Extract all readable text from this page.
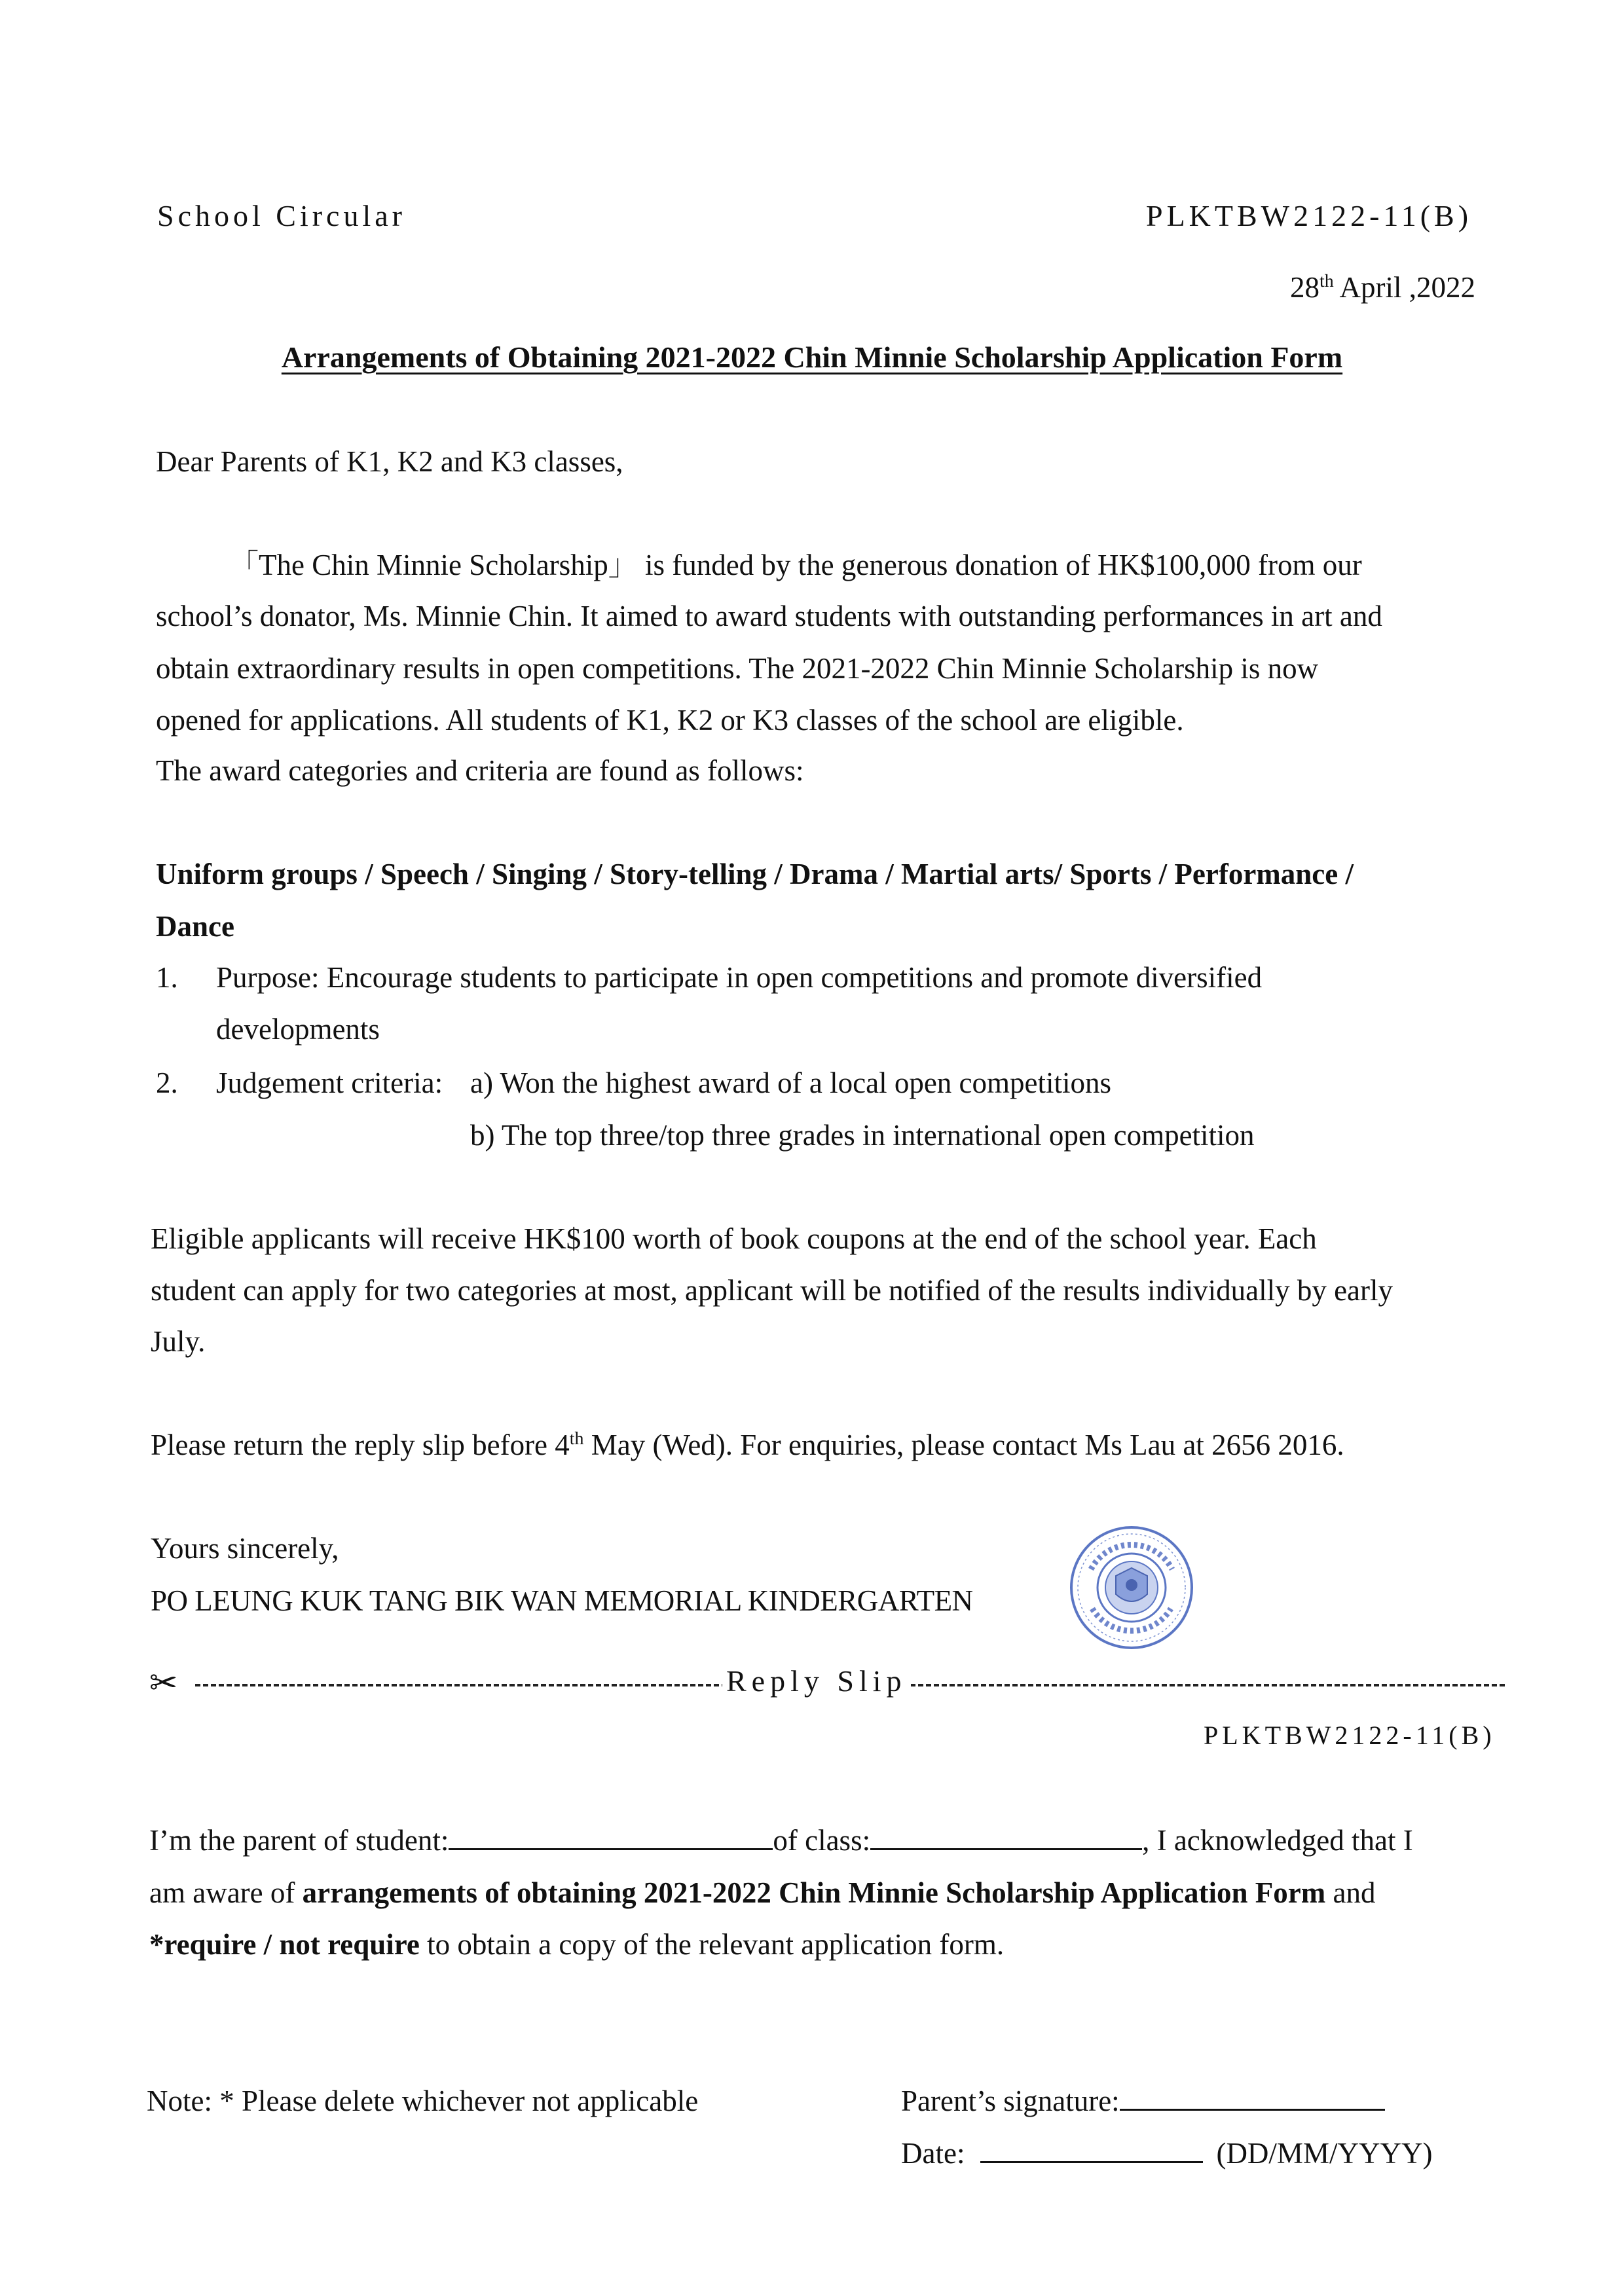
School Circular	PLKTBW2122-11(B)
28th April ,2022
Arrangements of Obtaining 2021-2022 Chin Minnie Scholarship Application Form
Dear Parents of K1, K2 and K3 classes,
「The Chin Minnie Scholarship」 is funded by the generous donation of HK$100,000 from our
school’s donator, Ms. Minnie Chin. It aimed to award students with outstanding performances in art and
obtain extraordinary results in open competitions. The 2021-2022 Chin Minnie Scholarship is now
opened for applications. All students of K1, K2 or K3 classes of the school are eligible.
The award categories and criteria are found as follows:
Uniform groups / Speech / Singing / Story-telling / Drama / Martial arts/ Sports / Performance /
Dance
1. Purpose: Encourage students to participate in open competitions and promote diversified
developments
2. Judgement criteria: a) Won the highest award of a local open competitions
b) The top three/top three grades in international open competition
Eligible applicants will receive HK$100 worth of book coupons at the end of the school year. Each
student can apply for two categories at most, applicant will be notified of the results individually by early
July.
Please return the reply slip before 4th May (Wed). For enquiries, please contact Ms Lau at 2656 2016.
Yours sincerely,
PO LEUNG KUK TANG BIK WAN MEMORIAL KINDERGARTEN
✂	Reply Slip
PLKTBW2122-11(B)
I’m the parent of student:	of class:	, I acknowledged that I
am aware of arrangements of obtaining 2021-2022 Chin Minnie Scholarship Application Form and
*require / not require to obtain a copy of the relevant application form.
Note: * Please delete whichever not applicable	Parent’s signature:
Date:	(DD/MM/YYYY)
